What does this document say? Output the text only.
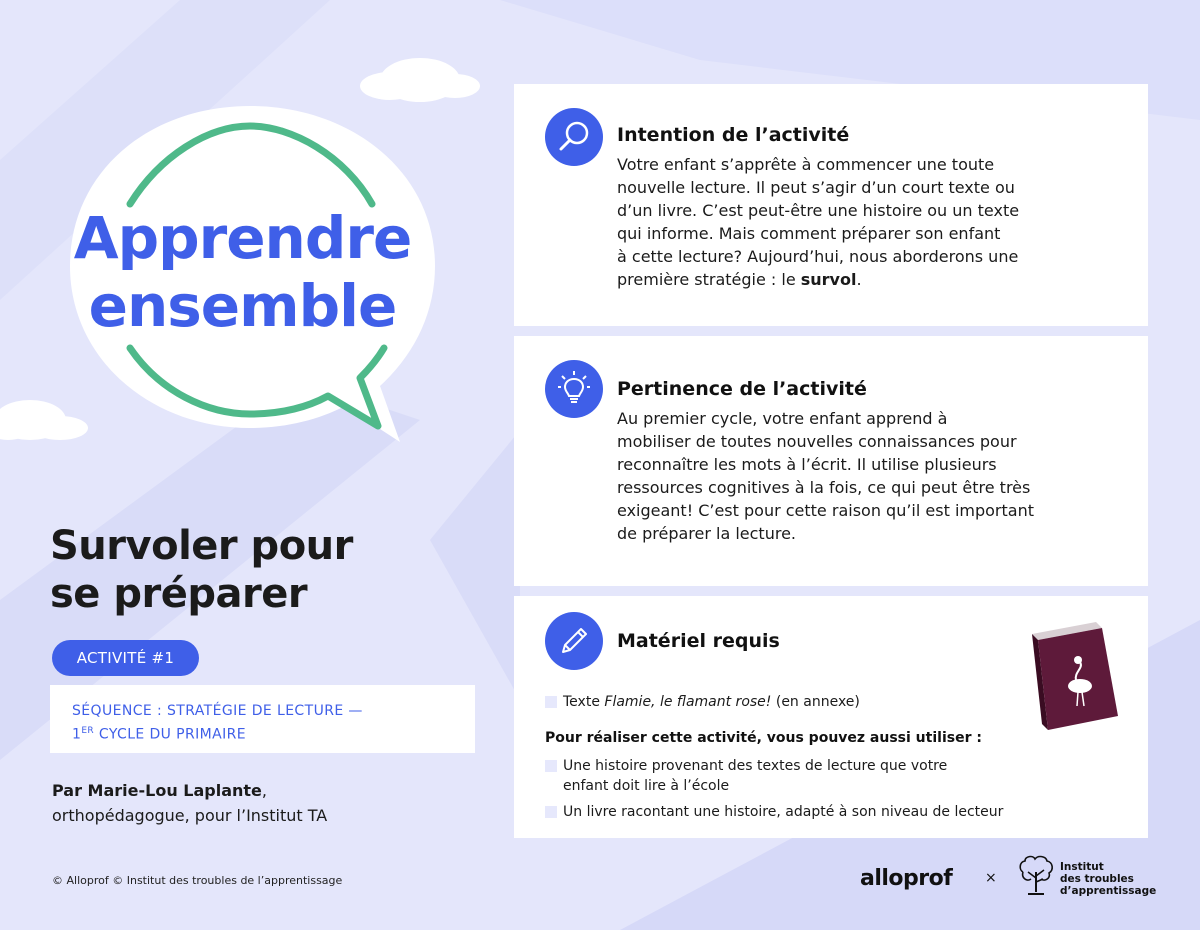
Apprendre
ensemble
Survoler pour
se préparer
ACTIVITÉ #1
SÉQUENCE : STRATÉGIE DE LECTURE —
1ER CYCLE DU PRIMAIRE
Par Marie-Lou Laplante,
orthopédagogue, pour l’Institut TA
© Alloprof © Institut des troubles de l’apprentissage
Intention de l’activité
Votre enfant s’apprête à commencer une toute
nouvelle lecture. Il peut s’agir d’un court texte ou
d’un livre. C’est peut-être une histoire ou un texte
qui informe. Mais comment préparer son enfant
à cette lecture? Aujourd’hui, nous aborderons une
première stratégie : le survol.
Pertinence de l’activité
Au premier cycle, votre enfant apprend à
mobiliser de toutes nouvelles connaissances pour
reconnaître les mots à l’écrit. Il utilise plusieurs
ressources cognitives à la fois, ce qui peut être très
exigeant! C’est pour cette raison qu’il est important
de préparer la lecture.
Matériel requis
Texte Flamie, le flamant rose! (en annexe)
Pour réaliser cette activité, vous pouvez aussi utiliser :
Une histoire provenant des textes de lecture que votre
enfant doit lire à l’école
Un livre racontant une histoire, adapté à son niveau de lecteur
alloprof ×
Institut
des troubles
d’apprentissage
